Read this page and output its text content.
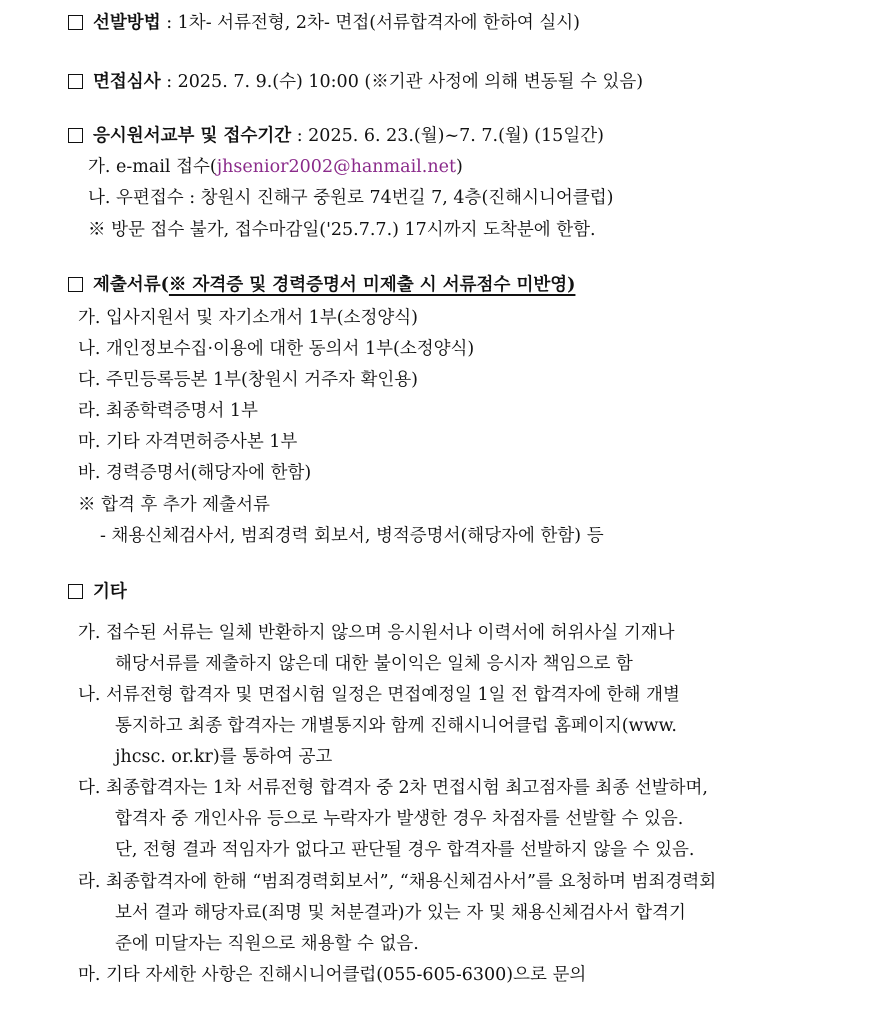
선발방법 : 1차- 서류전형, 2차- 면접(서류합격자에 한하여 실시)
면접심사 : 2025. 7. 9.(수) 10:00 (※기관 사정에 의해 변동될 수 있음)
응시원서교부 및 접수기간 : 2025. 6. 23.(월)~7. 7.(월) (15일간)
가. e-mail 접수(jhsenior2002@hanmail.net)
나. 우편접수 : 창원시 진해구 중원로 74번길 7, 4층(진해시니어클럽)
※ 방문 접수 불가, 접수마감일('25.7.7.) 17시까지 도착분에 한함.
제출서류(※ 자격증 및 경력증명서 미제출 시 서류점수 미반영)
가. 입사지원서 및 자기소개서 1부(소정양식)
나. 개인정보수집·이용에 대한 동의서 1부(소정양식)
다. 주민등록등본 1부(창원시 거주자 확인용)
라. 최종학력증명서 1부
마. 기타 자격면허증사본 1부
바. 경력증명서(해당자에 한함)
※ 합격 후 추가 제출서류
- 채용신체검사서, 범죄경력 회보서, 병적증명서(해당자에 한함) 등
기타
가. 접수된 서류는 일체 반환하지 않으며 응시원서나 이력서에 허위사실 기재나
해당서류를 제출하지 않은데 대한 불이익은 일체 응시자 책임으로 함
나. 서류전형 합격자 및 면접시험 일정은 면접예정일 1일 전 합격자에 한해 개별
통지하고 최종 합격자는 개별통지와 함께 진해시니어클럽 홈페이지(www.
jhcsc. or.kr)를 통하여 공고
다. 최종합격자는 1차 서류전형 합격자 중 2차 면접시험 최고점자를 최종 선발하며,
합격자 중 개인사유 등으로 누락자가 발생한 경우 차점자를 선발할 수 있음.
단, 전형 결과 적임자가 없다고 판단될 경우 합격자를 선발하지 않을 수 있음.
라. 최종합격자에 한해 “범죄경력회보서”, “채용신체검사서”를 요청하며 범죄경력회
보서 결과 해당자료(죄명 및 처분결과)가 있는 자 및 채용신체검사서 합격기
준에 미달자는 직원으로 채용할 수 없음.
마. 기타 자세한 사항은 진해시니어클럽(055-605-6300)으로 문의
